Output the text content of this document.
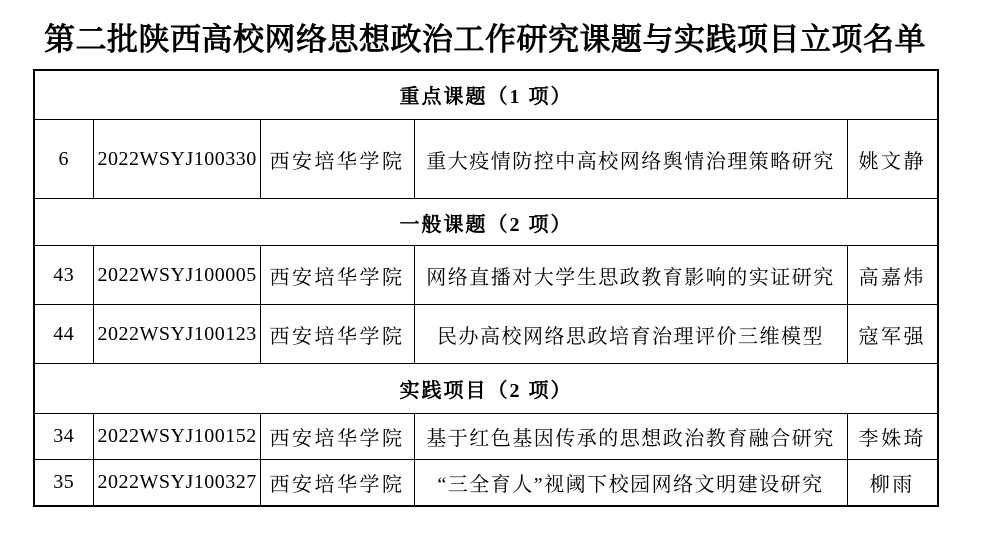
第二批陕西高校网络思想政治工作研究课题与实践项目立项名单
重点课题（1 项）				
6	2022WSYJ100330	西安培华学院	重大疫情防控中高校网络舆情治理策略研究	姚文静
一般课题（2 项）				
43	2022WSYJ100005	西安培华学院	网络直播对大学生思政教育影响的实证研究	高嘉炜
44	2022WSYJ100123	西安培华学院	民办高校网络思政培育治理评价三维模型	寇军强
实践项目（2 项）				
34	2022WSYJ100152	西安培华学院	基于红色基因传承的思想政治教育融合研究	李姝琦
35	2022WSYJ100327	西安培华学院	“三全育人”视阈下校园网络文明建设研究	柳雨
